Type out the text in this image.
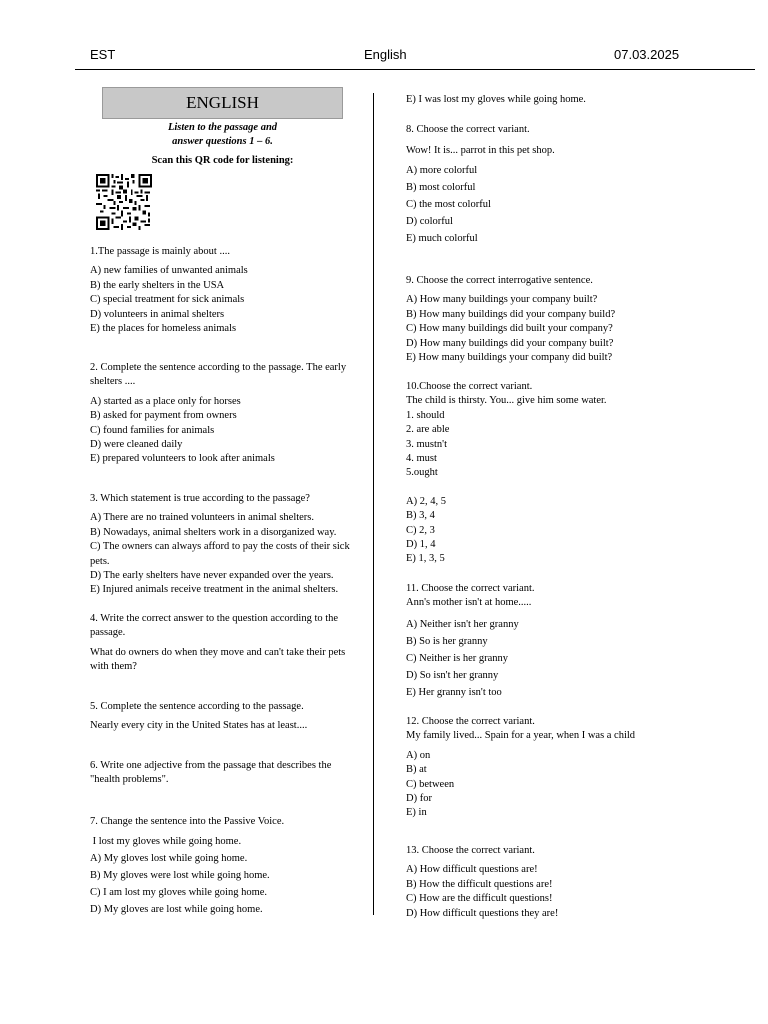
EST	English	07.03.2025
ENGLISH
Listen to the passage and
answer questions 1 – 6.
Scan this QR code for listening:
1.The passage is mainly about ....
A) new families of unwanted animals
B) the early shelters in the USA
C) special treatment for sick animals
D) volunteers in animal shelters
E) the places for homeless animals
2. Complete the sentence according to the passage. The early shelters ....
A) started as a place only for horses
B) asked for payment from owners
C) found families for animals
D) were cleaned daily
E) prepared volunteers to look after animals
3. Which statement is true according to the passage?
A) There are no trained volunteers in animal shelters.
B) Nowadays, animal shelters work in a disorganized way.
C) The owners can always afford to pay the costs of their sick pets.
D) The early shelters have never expanded over the years.
E) Injured animals receive treatment in the animal shelters.
4. Write the correct answer to the question according to the passage.
What do owners do when they move and can't take their pets with them?
5. Complete the sentence according to the passage.
Nearly every city in the United States has at least....
6. Write one adjective from the passage that describes the "health problems".
7. Change the sentence into the Passive Voice.
I lost my gloves while going home.
A) My gloves lost while going home.
B) My gloves were lost while going home.
C) I am lost my gloves while going home.
D) My gloves are lost while going home.
E) I was lost my gloves while going home.
8. Choose the correct variant.
Wow! It is... parrot in this pet shop.
A) more colorful
B) most colorful
C) the most colorful
D) colorful
E) much colorful
9. Choose the correct interrogative sentence.
A) How many buildings your company built?
B) How many buildings did your company build?
C) How many buildings did built your company?
D) How many buildings did your company built?
E) How many buildings your company did built?
10.Choose the correct variant.
The child is thirsty. You... give him some water.
1. should
2. are able
3. mustn't
4. must
5.ought
A) 2, 4, 5
B) 3, 4
C) 2, 3
D) 1, 4
E) 1, 3, 5
11. Choose the correct variant.
Ann's mother isn't at home.....
A) Neither isn't her granny
B) So is her granny
C) Neither is her granny
D) So isn't her granny
E) Her granny isn't too
12. Choose the correct variant.
My family lived... Spain for a year, when I was a child
A) on
B) at
C) between
D) for
E) in
13. Choose the correct variant.
A) How difficult questions are!
B) How the difficult questions are!
C) How are the difficult questions!
D) How difficult questions they are!
